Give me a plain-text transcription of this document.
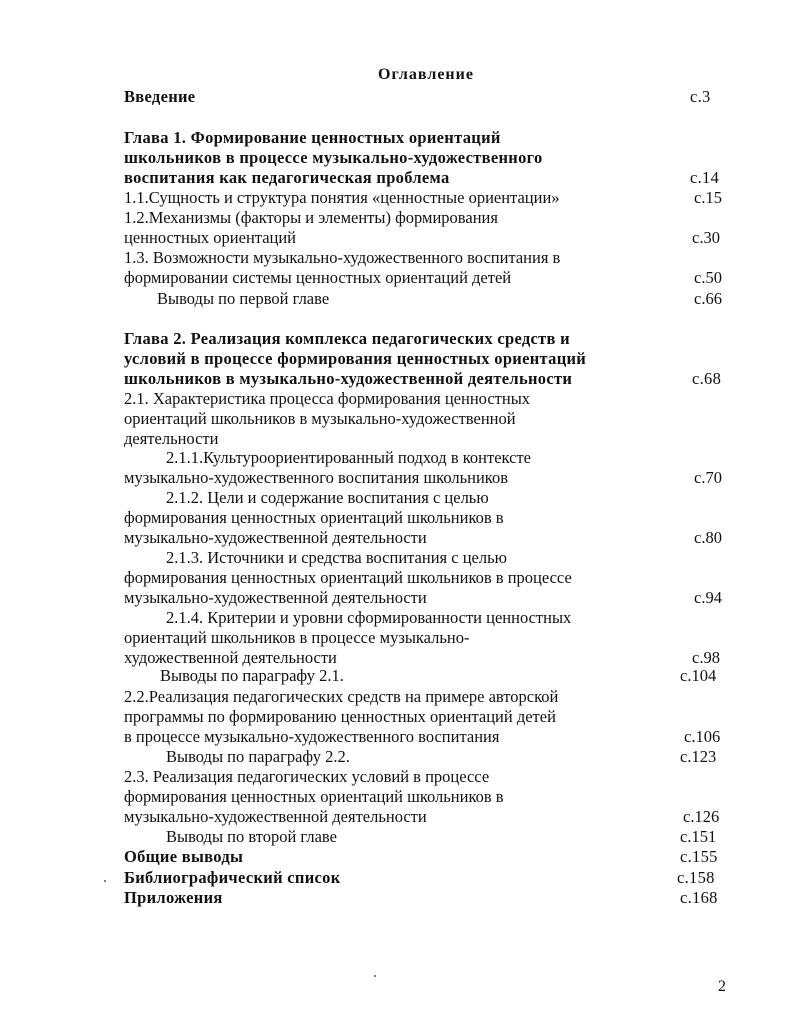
Оглавление
Введение	с.3
Глава 1. Формирование ценностных ориентаций
школьников в процессе музыкально-художественного
воспитания как педагогическая проблема	с.14
1.1.Сущность и структура понятия «ценностные ориентации»	с.15
1.2.Механизмы (факторы и элементы) формирования
ценностных ориентаций	с.30
1.3. Возможности музыкально-художественного воспитания в
формировании системы ценностных ориентаций детей	с.50
Выводы по первой главе	с.66
Глава 2. Реализация комплекса педагогических средств и
условий в процессе формирования ценностных ориентаций
школьников в музыкально-художественной деятельности	с.68
2.1. Характеристика процесса формирования ценностных
ориентаций школьников в музыкально-художественной
деятельности
2.1.1.Культуроориентированный подход в контексте
музыкально-художественного воспитания школьников	с.70
2.1.2. Цели и содержание воспитания с целью
формирования ценностных ориентаций школьников в
музыкально-художественной деятельности	с.80
2.1.3. Источники и средства воспитания с целью
формирования ценностных ориентаций школьников в процессе
музыкально-художественной деятельности	с.94
2.1.4. Критерии и уровни сформированности ценностных
ориентаций школьников в процессе музыкально-
художественной деятельности	с.98
Выводы по параграфу 2.1.	с.104
2.2.Реализация педагогических средств на примере авторской
программы по формированию ценностных ориентаций детей
в процессе музыкально-художественного воспитания	с.106
Выводы по параграфу 2.2.	с.123
2.3. Реализация педагогических условий в процессе
формирования ценностных ориентаций школьников в
музыкально-художественной деятельности	с.126
Выводы по второй главе	с.151
Общие выводы	с.155
Библиографический список	с.158
Приложения	с.168
2
